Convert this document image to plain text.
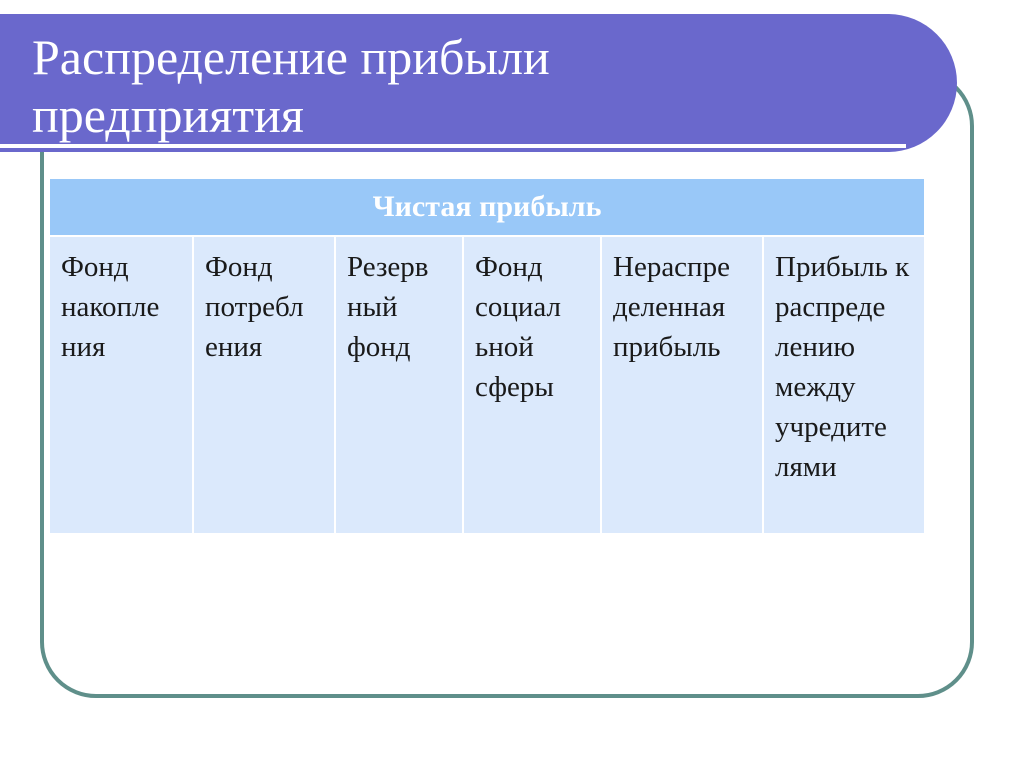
Распределение прибыли
предприятия
Чистая прибыль
Фонд накопле ния	Фонд потребл ения	Резерв ный фонд	Фонд социал ьной сферы	Нераспре деленная прибыль	Прибыль к распреде лению между учредите лями
